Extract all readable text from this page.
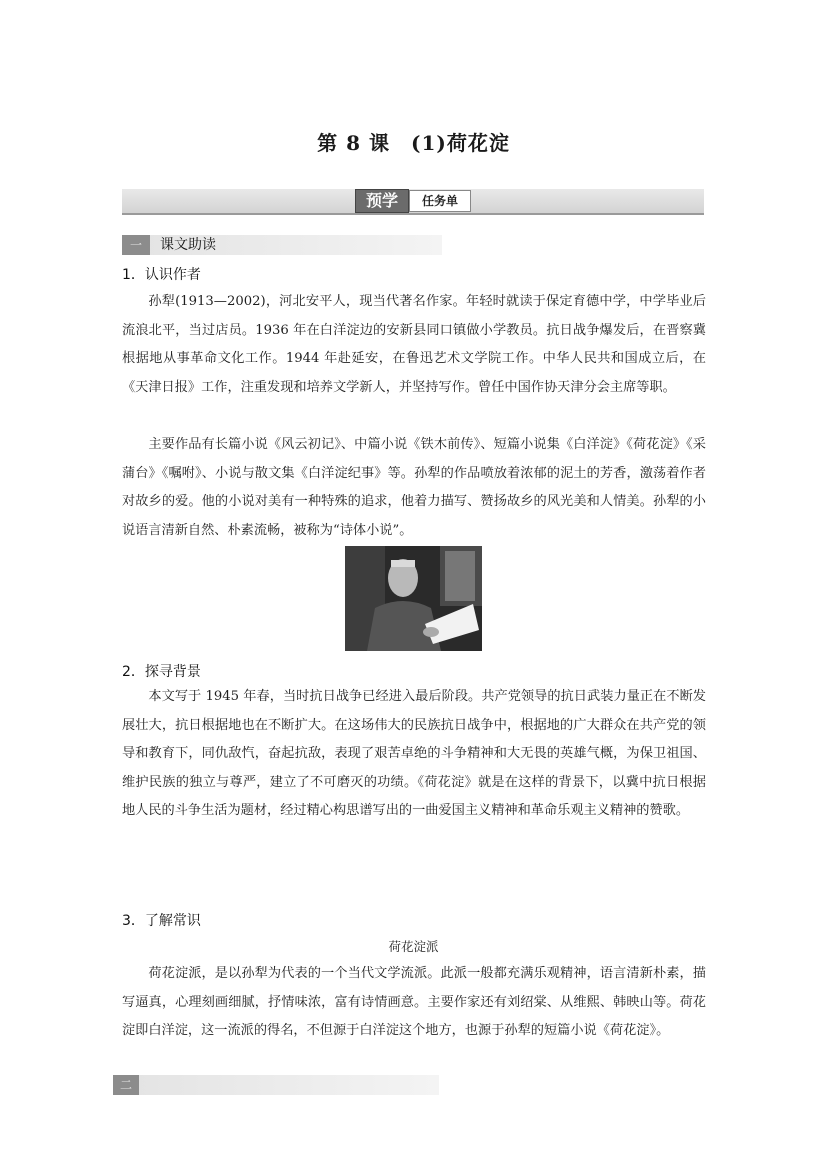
第 8 课　(1)荷花淀
预学	任务单
一	课文助读
1．认识作者

孙犁(1913—2002)，河北安平人，现当代著名作家。年轻时就读于保定育德中学，中学毕业后流浪北平，当过店员。1936 年在白洋淀边的安新县同口镇做小学教员。抗日战争爆发后，在晋察冀根据地从事革命文化工作。1944 年赴延安，在鲁迅艺术文学院工作。中华人民共和国成立后，在《天津日报》工作，注重发现和培养文学新人，并坚持写作。曾任中国作协天津分会主席等职。

主要作品有长篇小说《风云初记》、中篇小说《铁木前传》、短篇小说集《白洋淀》《荷花淀》《采蒲台》《嘱咐》、小说与散文集《白洋淀纪事》等。孙犁的作品喷放着浓郁的泥土的芳香，激荡着作者对故乡的爱。他的小说对美有一种特殊的追求，他着力描写、赞扬故乡的风光美和人情美。孙犁的小说语言清新自然、朴素流畅，被称为“诗体小说”。

2．探寻背景

本文写于 1945 年春，当时抗日战争已经进入最后阶段。共产党领导的抗日武装力量正在不断发展壮大，抗日根据地也在不断扩大。在这场伟大的民族抗日战争中，根据地的广大群众在共产党的领导和教育下，同仇敌忾，奋起抗敌，表现了艰苦卓绝的斗争精神和大无畏的英雄气概，为保卫祖国、维护民族的独立与尊严，建立了不可磨灭的功绩。《荷花淀》就是在这样的背景下，以冀中抗日根据地人民的斗争生活为题材，经过精心构思谱写出的一曲爱国主义精神和革命乐观主义精神的赞歌。

3．了解常识
荷花淀派

荷花淀派，是以孙犁为代表的一个当代文学流派。此派一般都充满乐观精神，语言清新朴素，描写逼真，心理刻画细腻，抒情味浓，富有诗情画意。主要作家还有刘绍棠、从维熙、韩映山等。荷花淀即白洋淀，这一流派的得名，不但源于白洋淀这个地方，也源于孙犁的短篇小说《荷花淀》。

二
